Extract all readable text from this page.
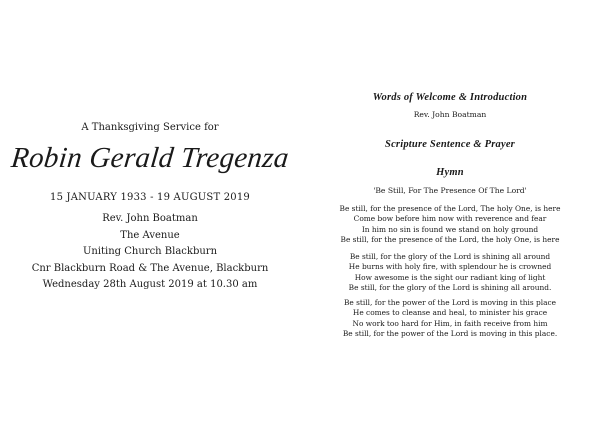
A Thanksgiving Service for
Robin Gerald Tregenza
15 JANUARY 1933 - 19 AUGUST 2019
Rev. John Boatman
The Avenue
Uniting Church Blackburn
Cnr Blackburn Road & The Avenue, Blackburn
Wednesday 28th August 2019 at 10.30 am
Words of Welcome & Introduction
Rev. John Boatman
Scripture Sentence & Prayer
Hymn
'Be Still, For The Presence Of The Lord'
Be still, for the presence of the Lord, The holy One, is here
Come bow before him now with reverence and fear
In him no sin is found we stand on holy ground
Be still, for the presence of the Lord, the holy One, is here
Be still, for the glory of the Lord is shining all around
He burns with holy fire, with splendour he is crowned
How awesome is the sight our radiant king of light
Be still, for the glory of the Lord is shining all around.
Be still, for the power of the Lord is moving in this place
He comes to cleanse and heal, to minister his grace
No work too hard for Him, in faith receive from him
Be still, for the power of the Lord is moving in this place.
